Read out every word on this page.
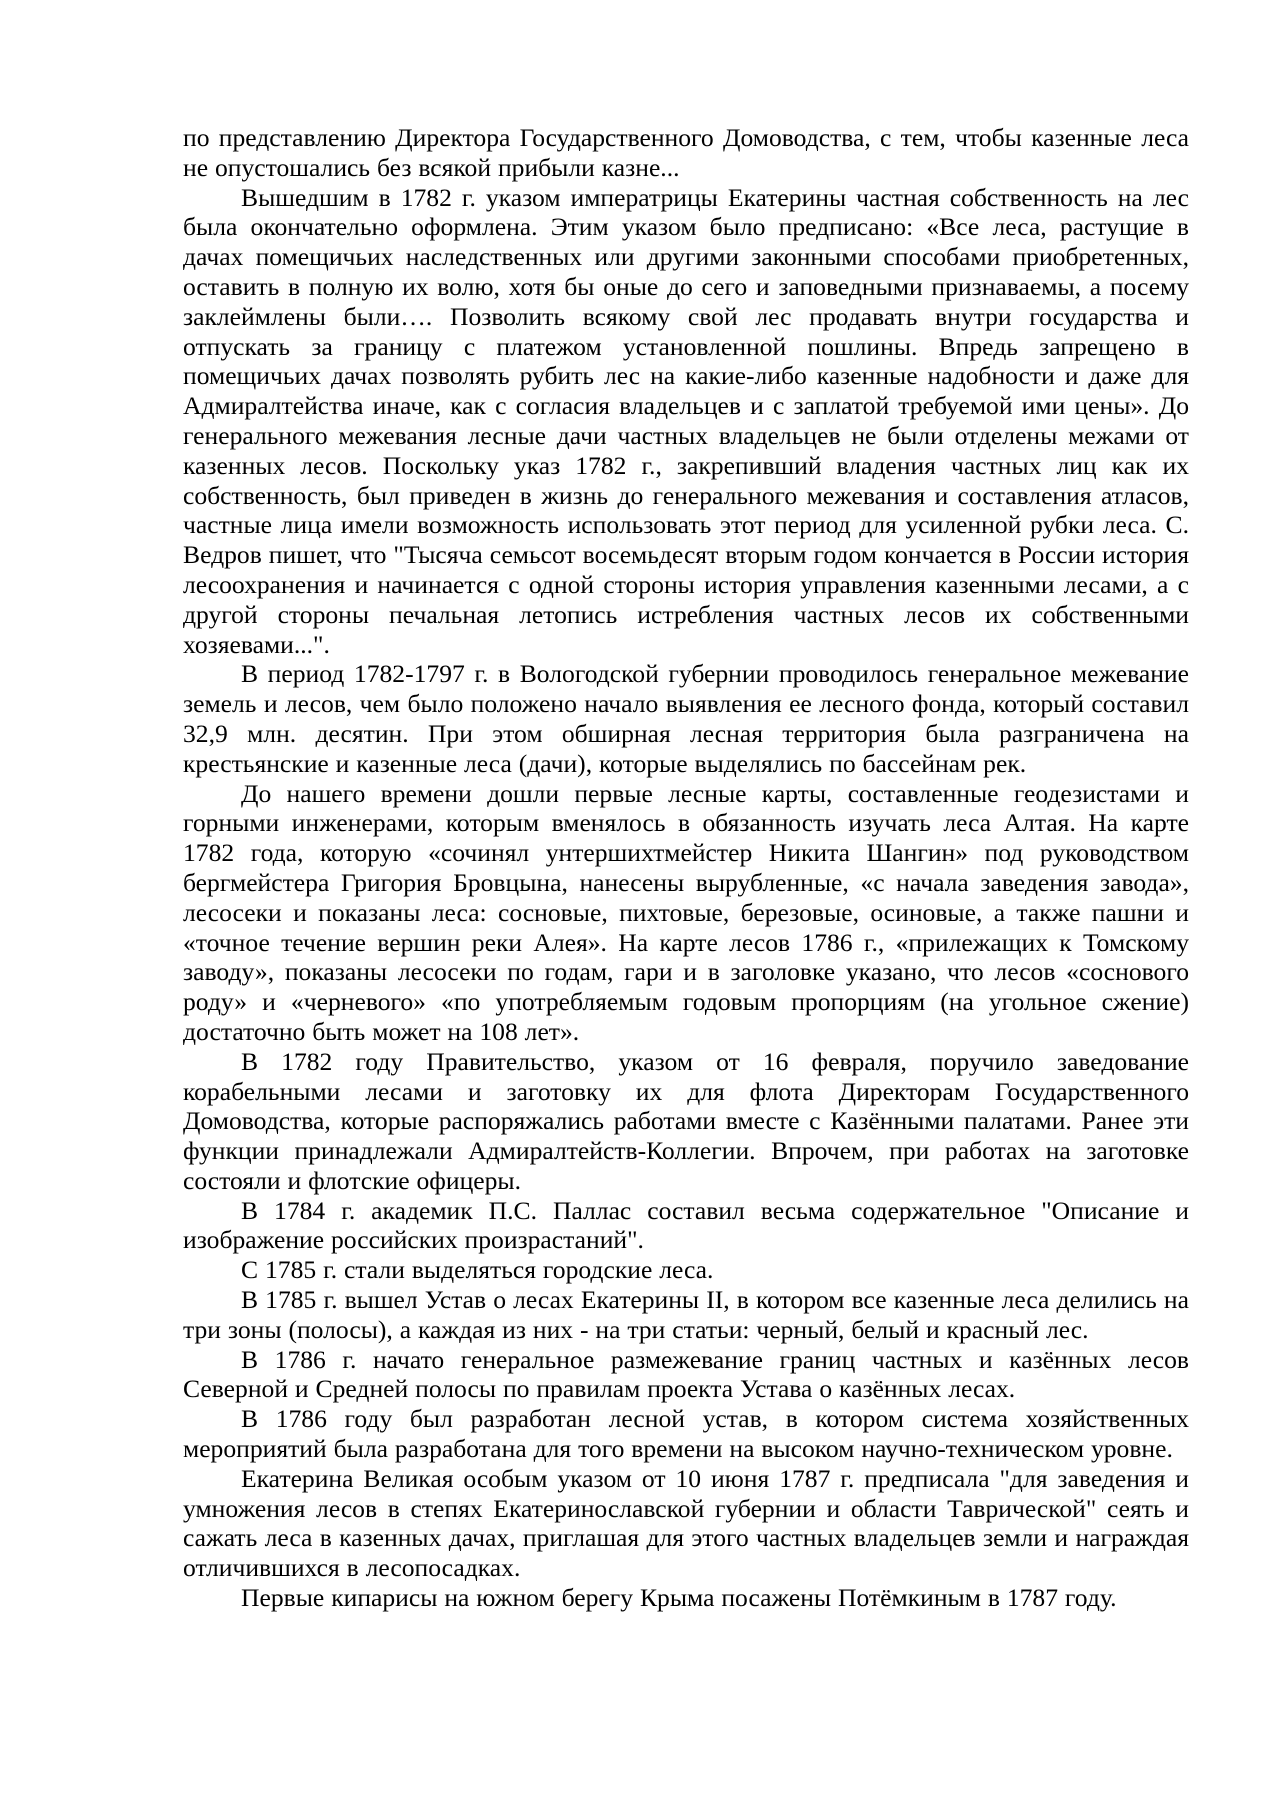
по представлению Директора Государственного Домоводства, с тем, чтобы казенные леса не опустошались без всякой прибыли казне...

Вышедшим в 1782 г. указом императрицы Екатерины частная собственность на лес была окончательно оформлена. Этим указом было предписано: «Все леса, растущие в дачах помещичьих наследственных или другими законными способами приобретенных, оставить в полную их волю, хотя бы оные до сего и заповедными признаваемы, а посему заклеймлены были…. Позволить всякому свой лес продавать внутри государства и отпускать за границу с платежом установленной пошлины. Впредь запрещено в помещичьих дачах позволять рубить лес на какие-либо казенные надобности и даже для Адмиралтейства иначе, как с согласия владельцев и с заплатой требуемой ими цены». До генерального межевания лесные дачи частных владельцев не были отделены межами от казенных лесов. Поскольку указ 1782 г., закрепивший владения частных лиц как их собственность, был приведен в жизнь до генерального межевания и составления атласов, частные лица имели возможность использовать этот период для усиленной рубки леса. С. Ведров пишет, что "Тысяча семьсот восемьдесят вторым годом кончается в России история лесоохранения и начинается с одной стороны история управления казенными лесами, а с другой стороны печальная летопись истребления частных лесов их собственными хозяевами...".

В период 1782-1797 г. в Вологодской губернии проводилось генеральное межевание земель и лесов, чем было положено начало выявления ее лесного фонда, который составил 32,9 млн. десятин. При этом обширная лесная территория была разграничена на крестьянские и казенные леса (дачи), которые выделялись по бассейнам рек.

До нашего времени дошли первые лесные карты, составленные геодезистами и горными инженерами, которым вменялось в обязанность изучать леса Алтая. На карте 1782 года, которую «сочинял унтершихтмейстер Никита Шангин» под руководством бергмейстера Григория Бровцына, нанесены вырубленные, «с начала заведения завода», лесосеки и показаны леса: сосновые, пихтовые, березовые, осиновые, а также пашни и «точное течение вершин реки Алея». На карте лесов 1786 г., «прилежащих к Томскому заводу», показаны лесосеки по годам, гари и в заголовке указано, что лесов «соснового роду» и «черневого» «по употребляемым годовым пропорциям (на угольное сжение) достаточно быть может на 108 лет».

В 1782 году Правительство, указом от 16 февраля, поручило заведование корабельными лесами и заготовку их для флота Директорам Государственного Домоводства, которые распоряжались работами вместе с Казёнными палатами. Ранее эти функции принадлежали Адмиралтейств-Коллегии. Впрочем, при работах на заготовке состояли и флотские офицеры.

В 1784 г. академик П.С. Паллас составил весьма содержательное "Описание и изображение российских произрастаний".

С 1785 г. стали выделяться городские леса.

В 1785 г. вышел Устав о лесах Екатерины II, в котором все казенные леса делились на три зоны (полосы), а каждая из них - на три статьи: черный, белый и красный лес.

В 1786 г. начато генеральное размежевание границ частных и казённых лесов Северной и Средней полосы по правилам проекта Устава о казённых лесах.

В 1786 году был разработан лесной устав, в котором система хозяйственных мероприятий была разработана для того времени на высоком научно-техническом уровне.

Екатерина Великая особым указом от 10 июня 1787 г. предписала "для заведения и умножения лесов в степях Екатеринославской губернии и области Таврической" сеять и сажать леса в казенных дачах, приглашая для этого частных владельцев земли и награждая отличившихся в лесопосадках.

Первые кипарисы на южном берегу Крыма посажены Потёмкиным в 1787 году.
